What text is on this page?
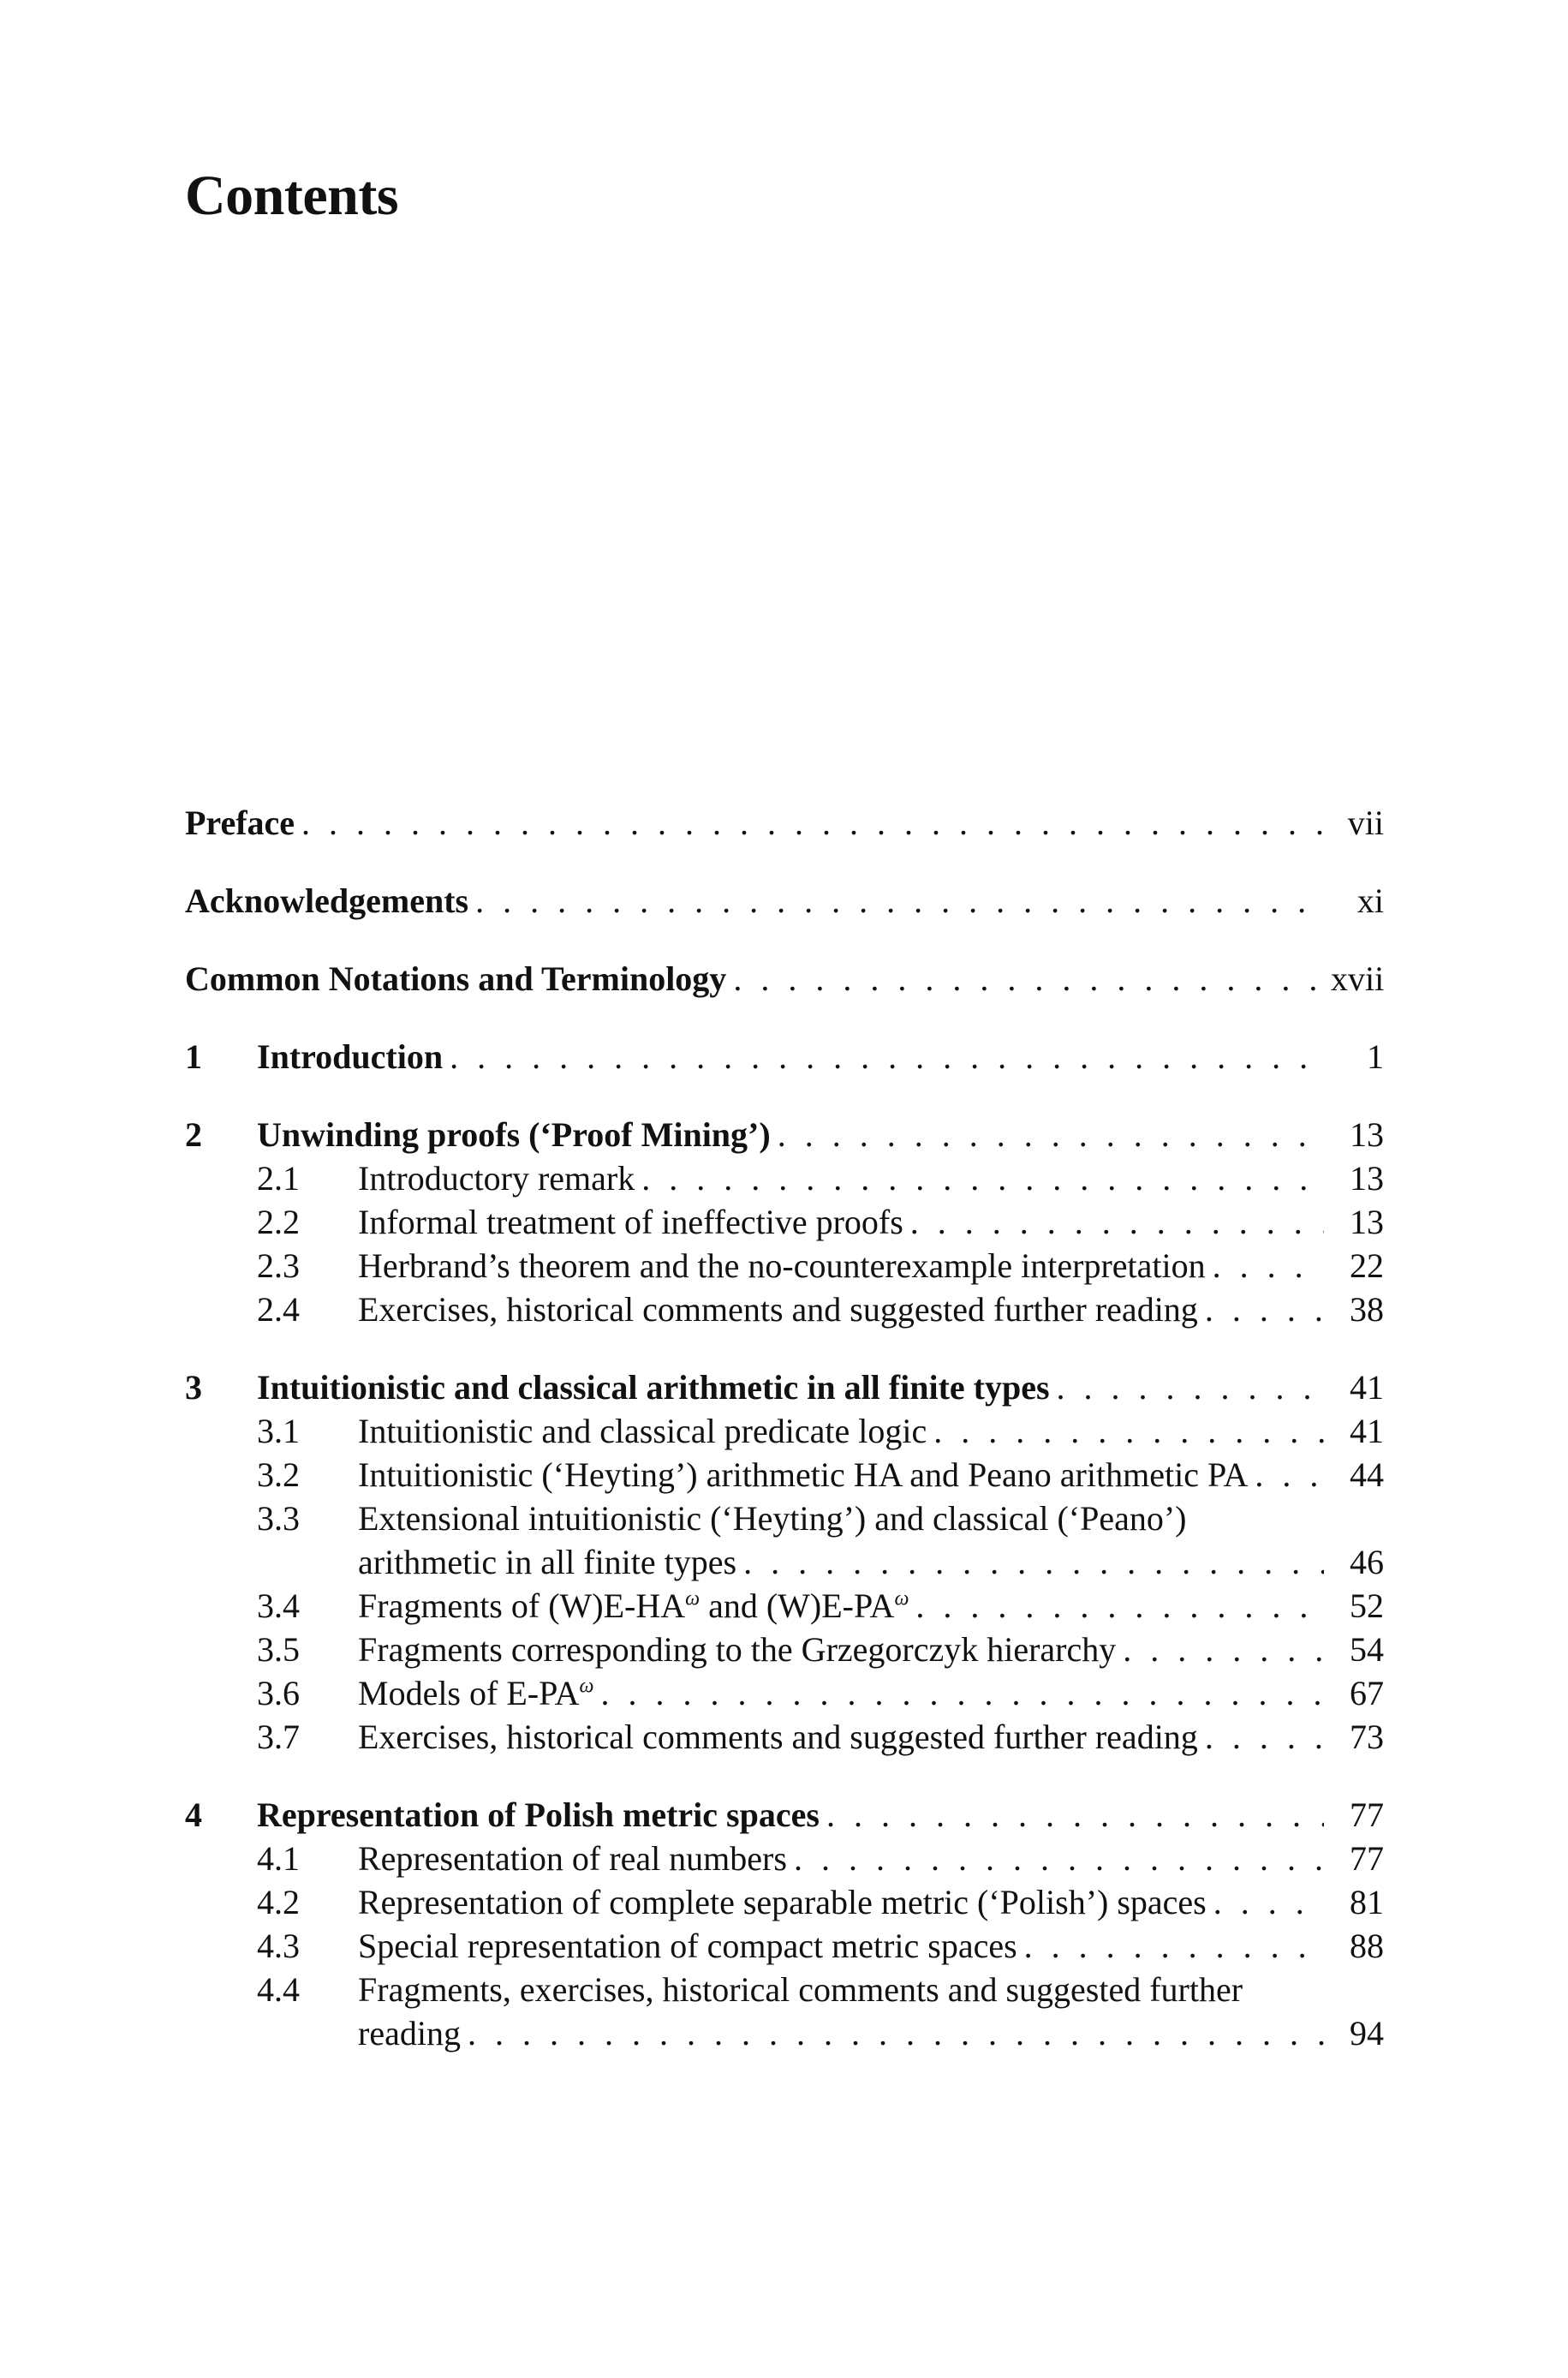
Contents
Preface . . .	vii
Acknowledgements . . .	xi
Common Notations and Terminology . . .	xvii
1	Introduction . . .	1
2	Unwinding proofs (‘Proof Mining’) . . .	13
2.1	Introductory remark . . .	13
2.2	Informal treatment of ineffective proofs . . .	13
2.3	Herbrand’s theorem and the no-counterexample interpretation . . .	22
2.4	Exercises, historical comments and suggested further reading . . .	38
3	Intuitionistic and classical arithmetic in all finite types . . .	41
3.1	Intuitionistic and classical predicate logic . . .	41
3.2	Intuitionistic (‘Heyting’) arithmetic HA and Peano arithmetic PA . . .	44
3.3	Extensional intuitionistic (‘Heyting’) and classical (‘Peano’)
arithmetic in all finite types . . .	46
3.4	Fragments of $(W)E-HA^\omega$ and $(W)E-PA^\omega$ . . .	52
3.5	Fragments corresponding to the Grzegorczyk hierarchy . . .	54
3.6	Models of $E-PA^\omega$ . . .	67
3.7	Exercises, historical comments and suggested further reading . . .	73
4	Representation of Polish metric spaces . . .	77
4.1	Representation of real numbers . . .	77
4.2	Representation of complete separable metric (‘Polish’) spaces . . .	81
4.3	Special representation of compact metric spaces . . .	88
4.4	Fragments, exercises, historical comments and suggested further
reading . . .	94
